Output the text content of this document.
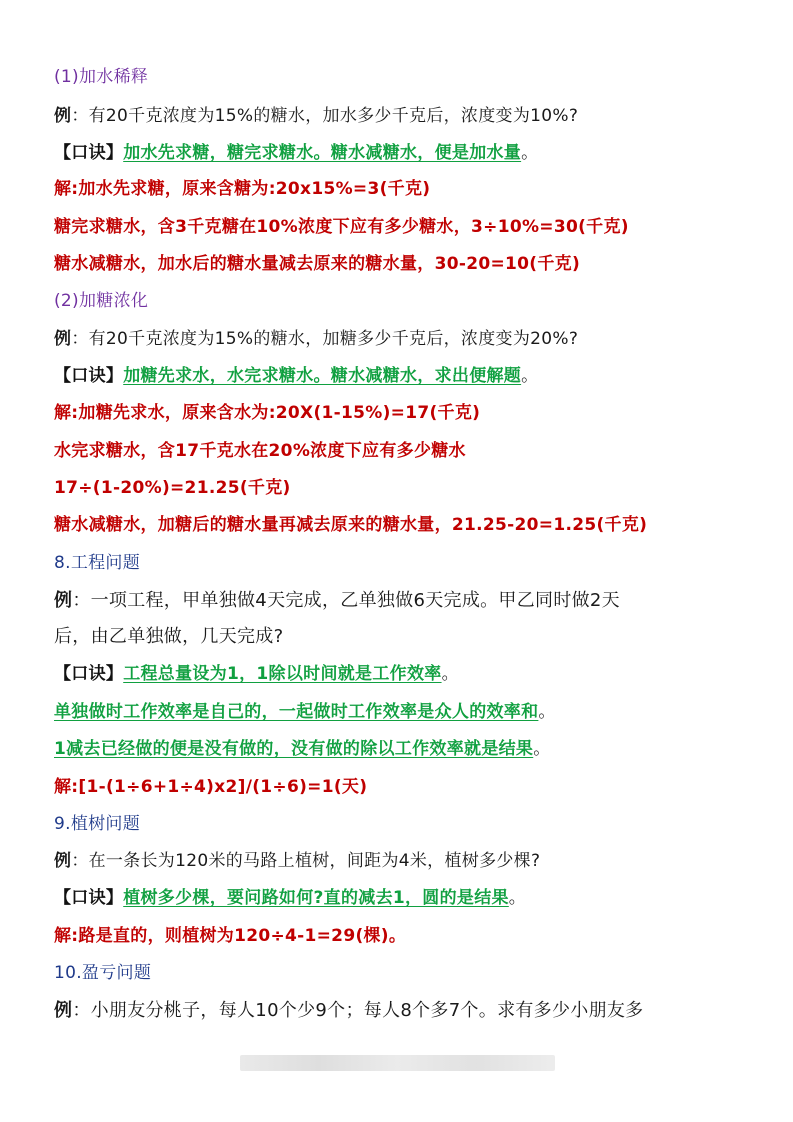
(1)加水稀释
例：有20千克浓度为15%的糖水，加水多少千克后，浓度变为10%?
【口诀】加水先求糖，糖完求糖水。糖水减糖水，便是加水量。
解:加水先求糖，原来含糖为:20x15%=3(千克)
糖完求糖水，含3千克糖在10%浓度下应有多少糖水，3÷10%=30(千克)
糖水减糖水，加水后的糖水量减去原来的糖水量，30-20=10(千克)
(2)加糖浓化
例：有20千克浓度为15%的糖水，加糖多少千克后，浓度变为20%?
【口诀】加糖先求水，水完求糖水。糖水减糖水，求出便解题。
解:加糖先求水，原来含水为:20X(1-15%)=17(千克)
水完求糖水，含17千克水在20%浓度下应有多少糖水
17÷(1-20%)=21.25(千克)
糖水减糖水，加糖后的糖水量再减去原来的糖水量，21.25-20=1.25(千克)
8.工程问题
例：一项工程，甲单独做4天完成，乙单独做6天完成。甲乙同时做2天
后，由乙单独做，几天完成?
【口诀】工程总量设为1，1除以时间就是工作效率。
单独做时工作效率是自己的，一起做时工作效率是众人的效率和。
1减去已经做的便是没有做的，没有做的除以工作效率就是结果。
解:[1-(1÷6+1÷4)x2]/(1÷6)=1(天)
9.植树问题
例：在一条长为120米的马路上植树，间距为4米，植树多少棵?
【口诀】植树多少棵，要问路如何?直的减去1，圆的是结果。
解:路是直的，则植树为120÷4-1=29(棵)。
10.盈亏问题
例：小朋友分桃子，每人10个少9个；每人8个多7个。求有多少小朋友多
